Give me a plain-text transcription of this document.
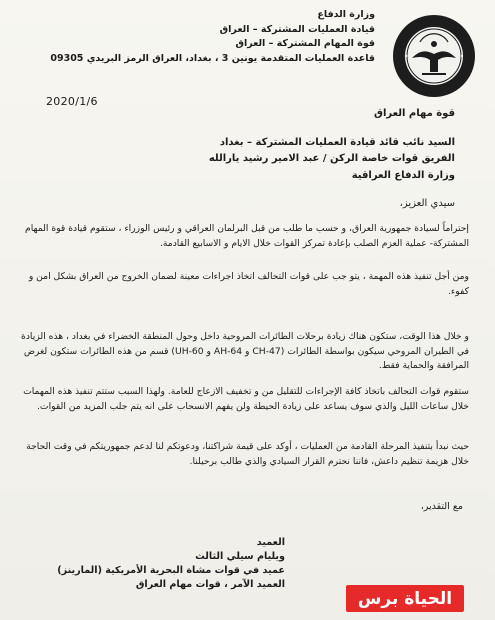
وزارة الدفاع
قيادة العمليات المشتركة – العراق
قوة المهام المشتركة – العراق
قاعدة العمليات المتقدمة يونين 3 ، بغداد، العراق الرمز البريدي 09305
2020/1/6
قوة مهام العراق
السيد نائب قائد قيادة العمليات المشتركة – بغداد
الفريق قوات خاصة الركن / عبد الامير رشيد يارالله
وزارة الدفاع العراقية
سيدي العزيز،
إحتراماً لسيادة جمهورية العراق، و حسب ما طلب من قبل البرلمان العراقي و رئيس الوزراء ، ستقوم قيادة قوة المهام المشتركة- عملية العزم الصلب بإعادة تمركز القوات خلال الايام و الاسابيع القادمة.
ومن أجل تنفيذ هذه المهمة ، يتو جب على قوات التحالف اتخاذ اجراءات معينة لضمان الخروج من العراق بشكل امن و كفوء.
و خلال هذا الوقت، ستكون هناك زيادة برحلات الطائرات المروحية داخل وحول المنطقة الخضراء في بغداد ، هذه الزيادة في الطيران المروحي سيكون بواسطة الطائرات (CH-47 و AH-64 و UH-60) قسم من هذه الطائرات ستكون لغرض المرافقة والحماية فقط.
ستقوم قوات التحالف باتخاذ كافة الإجراءات للتقليل من و تخفيف الازعاج للعامة. ولهذا السبب ستتم تنفيذ هذه المهمات خلال ساعات الليل والذي سوف يساعد على زيادة الحيطة ولن يفهم الانسحاب على انه يتم جلب المزيد من القوات.
حيث نبدأ بتنفيذ المرحلة القادمة من العمليات ، أوكد على قيمة شراكتنا، ودعوتكم لنا لدعم جمهوريتكم في وقت الحاجة خلال هزيمة تنظيم داعش، فاننا نحترم القرار السيادي والذي طالب برحيلنا.
مع التقدير،
العميد
ويليام سيلي الثالث
عميد في قوات مشاة البحرية الأمريكية (المارينز)
العميد الآمر ، قوات مهام العراق
الحياة برس
